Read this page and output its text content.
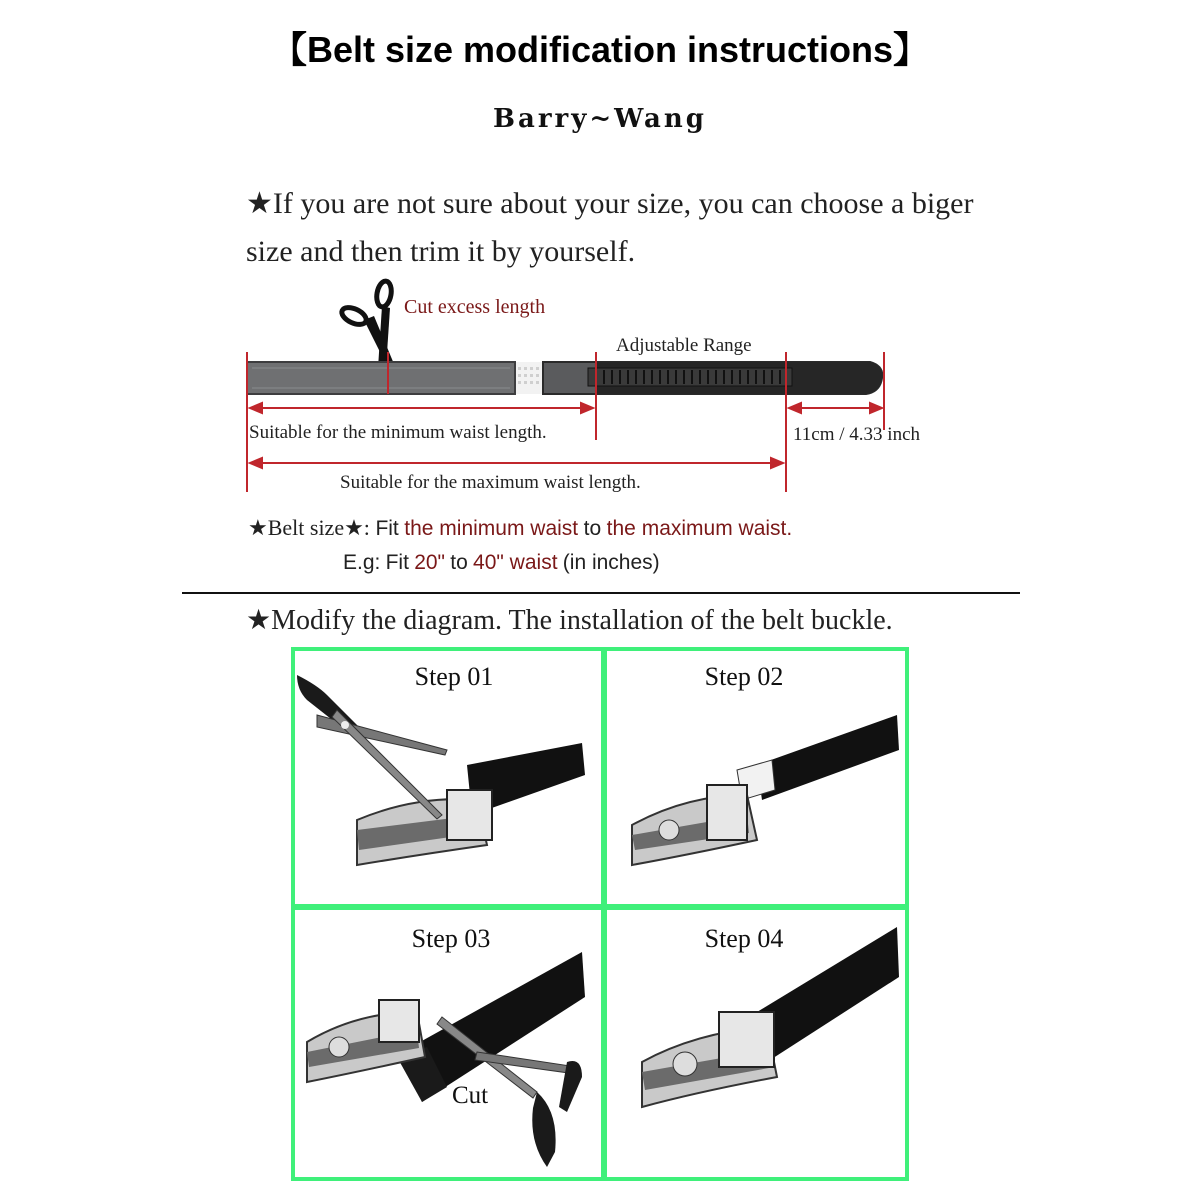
【Belt size modification instructions】
Barry~Wang
★If you are not sure about your size, you can choose a biger
size and then trim it by yourself.
Cut excess length
Adjustable Range
Suitable for the minimum waist length.	11cm / 4.33 inch
Suitable for the maximum waist length.
★Belt size★: Fit the minimum waist to the maximum waist.
E.g: Fit 20" to 40" waist (in inches)
★Modify the diagram. The installation of the belt buckle.
Step 01	Step 02
Step 03
Cut
Step 04
